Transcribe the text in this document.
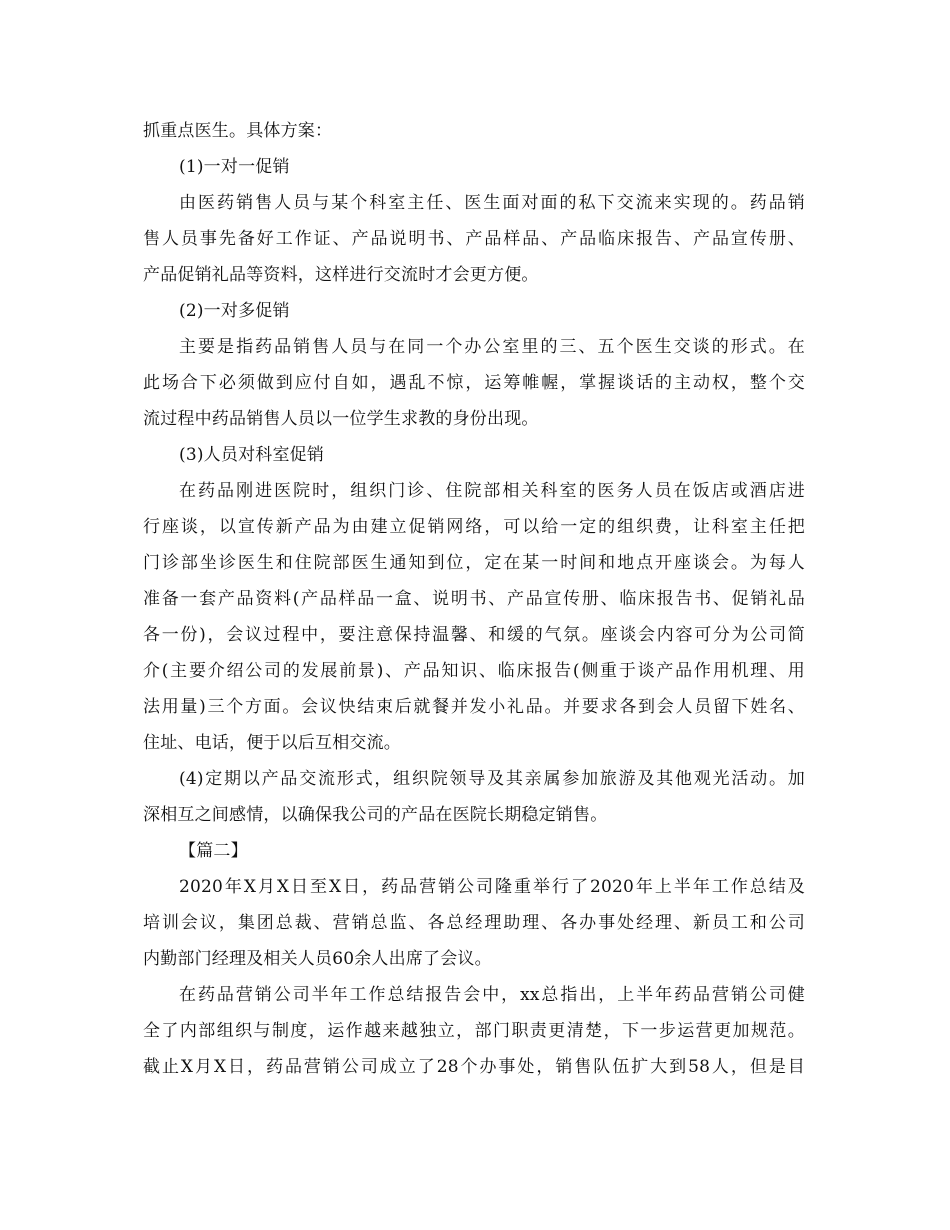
抓重点医生。具体方案：
(1)一对一促销
由医药销售人员与某个科室主任、医生面对面的私下交流来实现的。药品销
售人员事先备好工作证、产品说明书、产品样品、产品临床报告、产品宣传册、
产品促销礼品等资料，这样进行交流时才会更方便。
(2)一对多促销
主要是指药品销售人员与在同一个办公室里的三、五个医生交谈的形式。在
此场合下必须做到应付自如，遇乱不惊，运筹帷幄，掌握谈话的主动权，整个交
流过程中药品销售人员以一位学生求教的身份出现。
(3)人员对科室促销
在药品刚进医院时，组织门诊、住院部相关科室的医务人员在饭店或酒店进
行座谈，以宣传新产品为由建立促销网络，可以给一定的组织费，让科室主任把
门诊部坐诊医生和住院部医生通知到位，定在某一时间和地点开座谈会。为每人
准备一套产品资料(产品样品一盒、说明书、产品宣传册、临床报告书、促销礼品
各一份)，会议过程中，要注意保持温馨、和缓的气氛。座谈会内容可分为公司简
介(主要介绍公司的发展前景)、产品知识、临床报告(侧重于谈产品作用机理、用
法用量)三个方面。会议快结束后就餐并发小礼品。并要求各到会人员留下姓名、
住址、电话，便于以后互相交流。
(4)定期以产品交流形式，组织院领导及其亲属参加旅游及其他观光活动。加
深相互之间感情，以确保我公司的产品在医院长期稳定销售。
【篇二】
2020年X月X日至X日，药品营销公司隆重举行了2020年上半年工作总结及
培训会议，集团总裁、营销总监、各总经理助理、各办事处经理、新员工和公司
内勤部门经理及相关人员60余人出席了会议。
在药品营销公司半年工作总结报告会中，xx总指出，上半年药品营销公司健
全了内部组织与制度，运作越来越独立，部门职责更清楚，下一步运营更加规范。
截止X月X日，药品营销公司成立了28个办事处，销售队伍扩大到58人，但是目
